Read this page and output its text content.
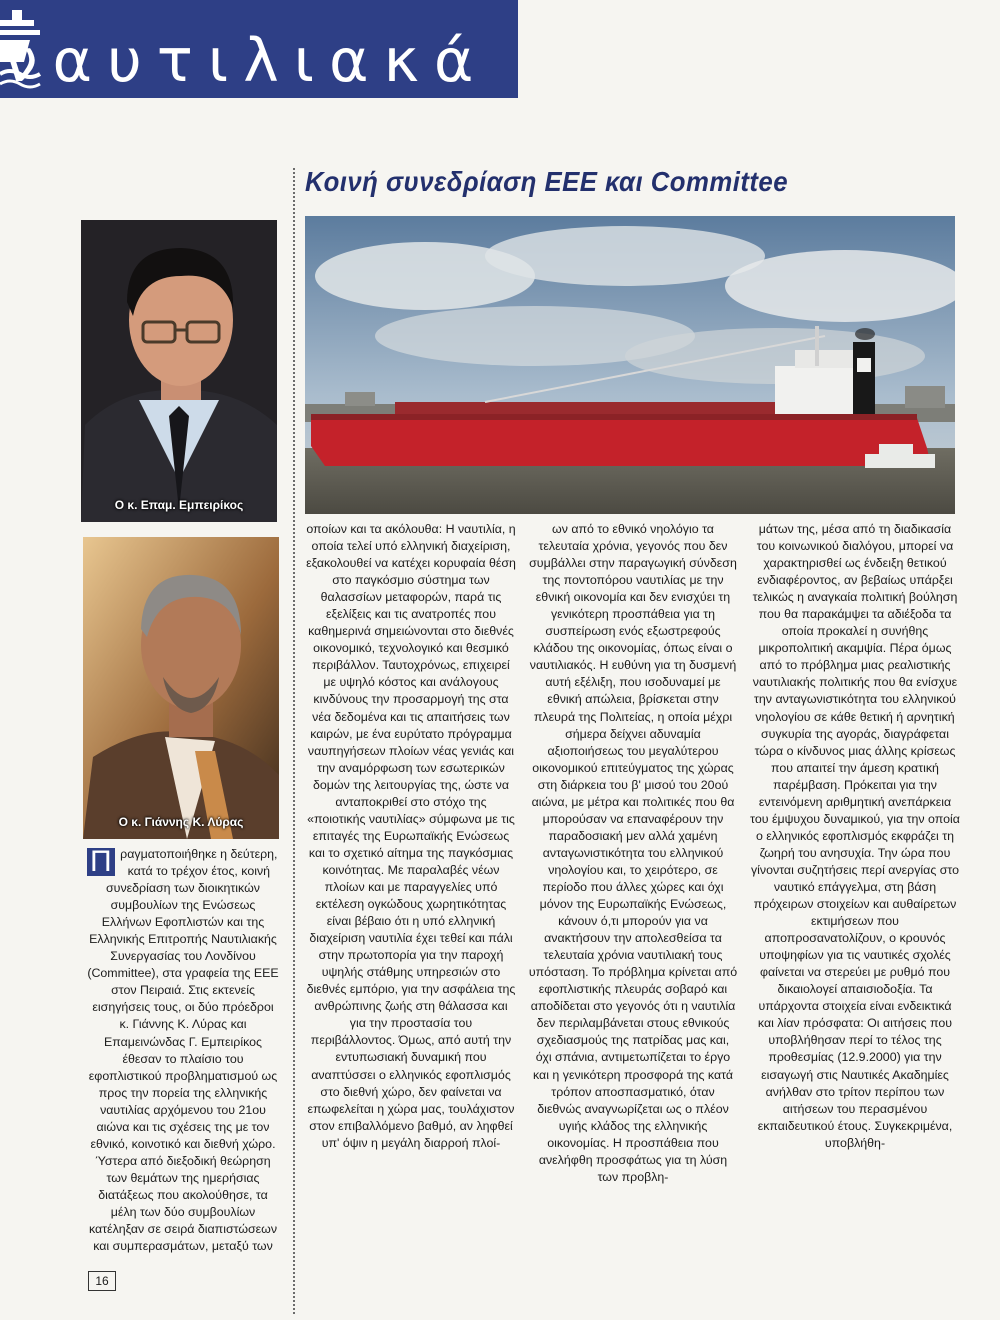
ναυτιλιακά
Κοινή συνεδρίαση ΕΕΕ και Committee
Ο κ. Επαμ. Εμπειρίκος
Ο κ. Γιάννης Κ. Λύρας

Πραγματοποιήθηκε η δεύτερη, κατά το τρέχον έτος, κοινή συνεδρίαση των διοικητικών συμβουλίων της Ενώσεως Ελλήνων Εφοπλιστών και της Ελληνικής Επιτροπής Ναυτιλιακής Συνεργασίας του Λονδίνου (Committee), στα γραφεία της ΕΕΕ στον Πειραιά. Στις εκτενείς εισηγήσεις τους, οι δύο πρόεδροι κ. Γιάννης Κ. Λύρας και Επαμεινώνδας Γ. Εμπειρίκος έθεσαν το πλαίσιο του εφοπλιστικού προβληματισμού ως προς την πορεία της ελληνικής ναυτιλίας αρχόμενου του 21ου αιώνα και τις σχέσεις της με τον εθνικό, κοινοτικό και διεθνή χώρο. Ύστερα από διεξοδική θεώρηση των θεμάτων της ημερήσιας διατάξεως που ακολούθησε, τα μέλη των δύο συμβουλίων κατέληξαν σε σειρά διαπιστώσεων και συμπερασμάτων, μεταξύ των

οποίων και τα ακόλουθα: Η ναυτιλία, η οποία τελεί υπό ελληνική διαχείριση, εξακολουθεί να κατέχει κορυφαία θέση στο παγκόσμιο σύστημα των θαλασσίων μεταφορών, παρά τις εξελίξεις και τις ανατροπές που καθημερινά σημειώνονται στο διεθνές οικονομικό, τεχνολογικό και θεσμικό περιβάλλον. Ταυτοχρόνως, επιχειρεί με υψηλό κόστος και ανάλογους κινδύνους την προσαρμογή της στα νέα δεδομένα και τις απαιτήσεις των καιρών, με ένα ευρύτατο πρόγραμμα ναυπηγήσεων πλοίων νέας γενιάς και την αναμόρφωση των εσωτερικών δομών της λειτουργίας της, ώστε να ανταποκριθεί στο στόχο της «ποιοτικής ναυτιλίας» σύμφωνα με τις επιταγές της Ευρωπαϊκής Ενώσεως και το σχετικό αίτημα της παγκόσμιας κοινότητας. Με παραλαβές νέων πλοίων και με παραγγελίες υπό εκτέλεση ογκώδους χωρητικότητας είναι βέβαιο ότι η υπό ελληνική διαχείριση ναυτιλία έχει τεθεί και πάλι στην πρωτοπορία για την παροχή υψηλής στάθμης υπηρεσιών στο διεθνές εμπόριο, για την ασφάλεια της ανθρώπινης ζωής στη θάλασσα και για την προστασία του περιβάλλοντος. Όμως, από αυτή την εντυπωσιακή δυναμική που αναπτύσσει ο ελληνικός εφοπλισμός στο διεθνή χώρο, δεν φαίνεται να επωφελείται η χώρα μας, τουλάχιστον στον επιβαλλόμενο βαθμό, αν ληφθεί υπ' όψιν η μεγάλη διαρροή πλοί-

ων από το εθνικό νηολόγιο τα τελευταία χρόνια, γεγονός που δεν συμβάλλει στην παραγωγική σύνδεση της ποντοπόρου ναυτιλίας με την εθνική οικονομία και δεν ενισχύει τη γενικότερη προσπάθεια για τη συσπείρωση ενός εξωστρεφούς κλάδου της οικονομίας, όπως είναι ο ναυτιλιακός. Η ευθύνη για τη δυσμενή αυτή εξέλιξη, που ισοδυναμεί με εθνική απώλεια, βρίσκεται στην πλευρά της Πολιτείας, η οποία μέχρι σήμερα δείχνει αδυναμία αξιοποιήσεως του μεγαλύτερου οικονομικού επιτεύγματος της χώρας στη διάρκεια του β' μισού του 20ού αιώνα, με μέτρα και πολιτικές που θα μπορούσαν να επαναφέρουν την παραδοσιακή μεν αλλά χαμένη ανταγωνιστικότητα του ελληνικού νηολογίου και, το χειρότερο, σε περίοδο που άλλες χώρες και όχι μόνον της Ευρωπαϊκής Ενώσεως, κάνουν ό,τι μπορούν για να ανακτήσουν την απολεσθείσα τα τελευταία χρόνια ναυτιλιακή τους υπόσταση. Το πρόβλημα κρίνεται από εφοπλιστικής πλευράς σοβαρό και αποδίδεται στο γεγονός ότι η ναυτιλία δεν περιλαμβάνεται στους εθνικούς σχεδιασμούς της πατρίδας μας και, όχι σπάνια, αντιμετωπίζεται το έργο και η γενικότερη προσφορά της κατά τρόπον αποσπασματικό, όταν διεθνώς αναγνωρίζεται ως ο πλέον υγιής κλάδος της ελληνικής οικονομίας. Η προσπάθεια που ανελήφθη προσφάτως για τη λύση των προβλη-

μάτων της, μέσα από τη διαδικασία του κοινωνικού διαλόγου, μπορεί να χαρακτηρισθεί ως ένδειξη θετικού ενδιαφέροντος, αν βεβαίως υπάρξει τελικώς η αναγκαία πολιτική βούληση που θα παρακάμψει τα αδιέξοδα τα οποία προκαλεί η συνήθης μικροπολιτική ακαμψία. Πέρα όμως από το πρόβλημα μιας ρεαλιστικής ναυτιλιακής πολιτικής που θα ενίσχυε την ανταγωνιστικότητα του ελληνικού νηολογίου σε κάθε θετική ή αρνητική συγκυρία της αγοράς, διαγράφεται τώρα ο κίνδυνος μιας άλλης κρίσεως που απαιτεί την άμεση κρατική παρέμβαση. Πρόκειται για την εντεινόμενη αριθμητική ανεπάρκεια του έμψυχου δυναμικού, για την οποία ο ελληνικός εφοπλισμός εκφράζει τη ζωηρή του ανησυχία. Την ώρα που γίνονται συζητήσεις περί ανεργίας στο ναυτικό επάγγελμα, στη βάση πρόχειρων στοιχείων και αυθαίρετων εκτιμήσεων που αποπροσανατολίζουν, ο κρουνός υποψηφίων για τις ναυτικές σχολές φαίνεται να στερεύει με ρυθμό που δικαιολογεί απαισιοδοξία. Τα υπάρχοντα στοιχεία είναι ενδεικτικά και λίαν πρόσφατα: Οι αιτήσεις που υποβλήθησαν περί το τέλος της προθεσμίας (12.9.2000) για την εισαγωγή στις Ναυτικές Ακαδημίες ανήλθαν στο τρίτον περίπου των αιτήσεων του περασμένου εκπαιδευτικού έτους. Συγκεκριμένα, υποβλήθη-

16
